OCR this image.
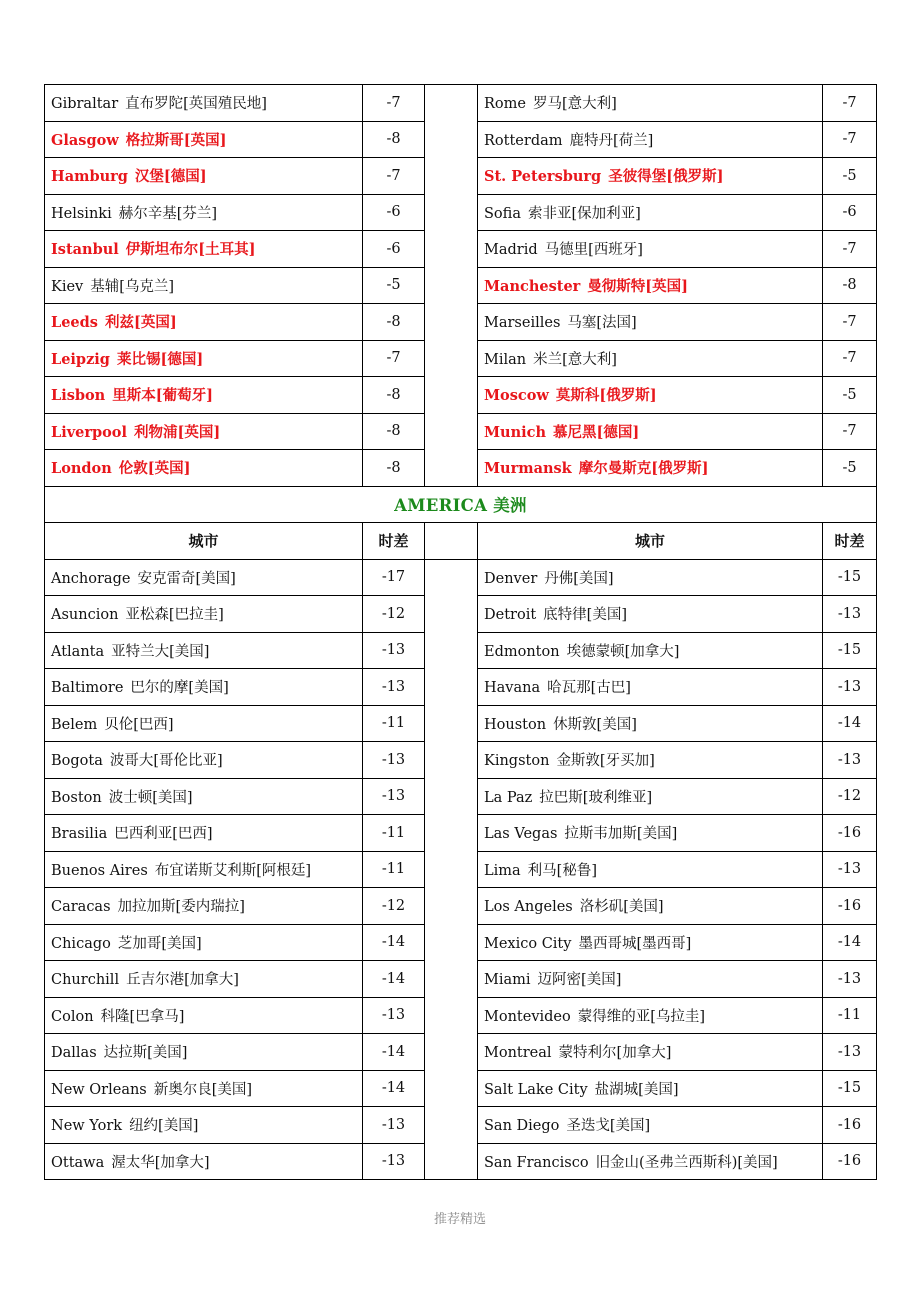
Gibraltar 直布罗陀[英国殖民地]	-7		Rome 罗马[意大利]	-7
Glasgow 格拉斯哥[英国]	-8		Rotterdam 鹿特丹[荷兰]	-7
Hamburg 汉堡[德国]	-7		St. Petersburg 圣彼得堡[俄罗斯]	-5
Helsinki 赫尔辛基[芬兰]	-6		Sofia 索非亚[保加利亚]	-6
Istanbul 伊斯坦布尔[土耳其]	-6		Madrid 马德里[西班牙]	-7
Kiev 基辅[乌克兰]	-5		Manchester 曼彻斯特[英国]	-8
Leeds 利兹[英国]	-8		Marseilles 马塞[法国]	-7
Leipzig 莱比锡[德国]	-7		Milan 米兰[意大利]	-7
Lisbon 里斯本[葡萄牙]	-8		Moscow 莫斯科[俄罗斯]	-5
Liverpool 利物浦[英国]	-8		Munich 慕尼黑[德国]	-7
London 伦敦[英国]	-8		Murmansk 摩尔曼斯克[俄罗斯]	-5
AMERICA 美洲				
城市	时差		城市	时差
Anchorage 安克雷奇[美国]	-17		Denver 丹佛[美国]	-15
Asuncion 亚松森[巴拉圭]	-12		Detroit 底特律[美国]	-13
Atlanta 亚特兰大[美国]	-13		Edmonton 埃德蒙顿[加拿大]	-15
Baltimore 巴尔的摩[美国]	-13		Havana 哈瓦那[古巴]	-13
Belem 贝伦[巴西]	-11		Houston 休斯敦[美国]	-14
Bogota 波哥大[哥伦比亚]	-13		Kingston 金斯敦[牙买加]	-13
Boston 波士顿[美国]	-13		La Paz 拉巴斯[玻利维亚]	-12
Brasilia 巴西利亚[巴西]	-11		Las Vegas 拉斯韦加斯[美国]	-16
Buenos Aires 布宜诺斯艾利斯[阿根廷]	-11		Lima 利马[秘鲁]	-13
Caracas 加拉加斯[委内瑞拉]	-12		Los Angeles 洛杉矶[美国]	-16
Chicago 芝加哥[美国]	-14		Mexico City 墨西哥城[墨西哥]	-14
Churchill 丘吉尔港[加拿大]	-14		Miami 迈阿密[美国]	-13
Colon 科隆[巴拿马]	-13		Montevideo 蒙得维的亚[乌拉圭]	-11
Dallas 达拉斯[美国]	-14		Montreal 蒙特利尔[加拿大]	-13
New Orleans 新奥尔良[美国]	-14		Salt Lake City 盐湖城[美国]	-15
New York 纽约[美国]	-13		San Diego 圣迭戈[美国]	-16
Ottawa 渥太华[加拿大]	-13		San Francisco 旧金山(圣弗兰西斯科)[美国]	-16
推荐精选
